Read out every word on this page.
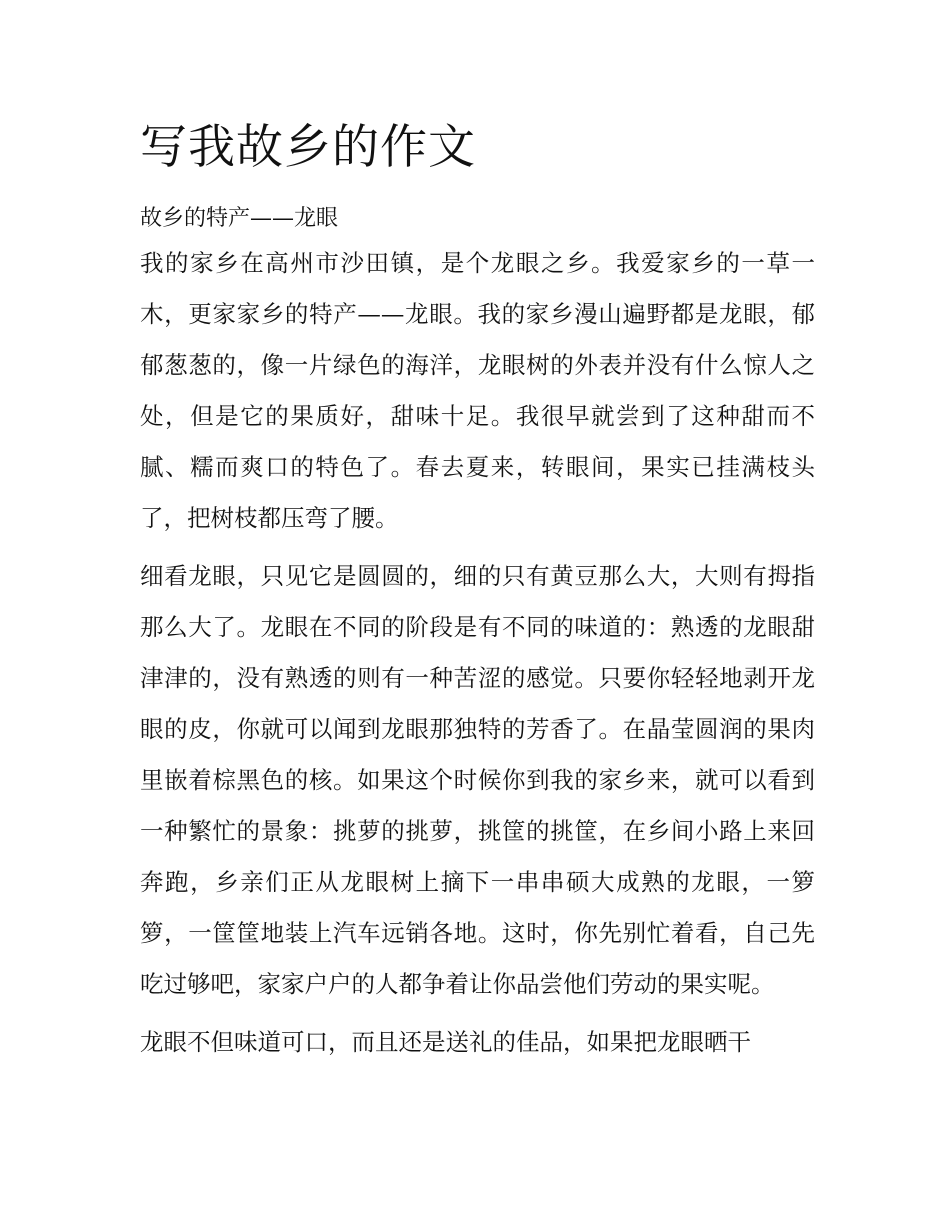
写我故乡的作文
故乡的特产——龙眼

我的家乡在高州市沙田镇，是个龙眼之乡。我爱家乡的一草一木，更家家乡的特产——龙眼。我的家乡漫山遍野都是龙眼，郁郁葱葱的，像一片绿色的海洋，龙眼树的外表并没有什么惊人之处，但是它的果质好，甜味十足。我很早就尝到了这种甜而不腻、糯而爽口的特色了。春去夏来，转眼间，果实已挂满枝头了，把树枝都压弯了腰。

细看龙眼，只见它是圆圆的，细的只有黄豆那么大，大则有拇指那么大了。龙眼在不同的阶段是有不同的味道的：熟透的龙眼甜津津的，没有熟透的则有一种苦涩的感觉。只要你轻轻地剥开龙眼的皮，你就可以闻到龙眼那独特的芳香了。在晶莹圆润的果肉里嵌着棕黑色的核。如果这个时候你到我的家乡来，就可以看到一种繁忙的景象：挑萝的挑萝，挑筐的挑筐，在乡间小路上来回奔跑，乡亲们正从龙眼树上摘下一串串硕大成熟的龙眼，一箩箩，一筐筐地装上汽车远销各地。这时，你先别忙着看，自己先吃过够吧，家家户户的人都争着让你品尝他们劳动的果实呢。

龙眼不但味道可口，而且还是送礼的佳品，如果把龙眼晒干
